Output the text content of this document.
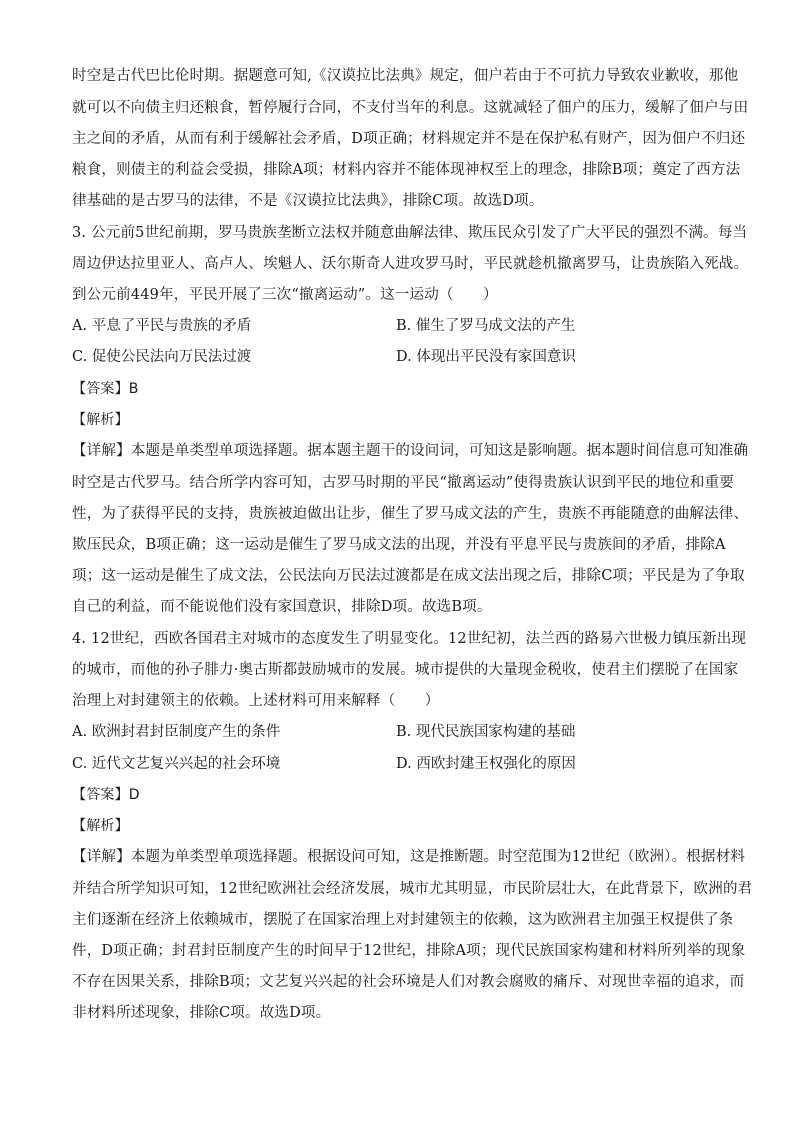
时空是古代巴比伦时期。据题意可知,《汉谟拉比法典》规定，佃户若由于不可抗力导致农业歉收，那他
就可以不向债主归还粮食，暂停履行合同，不支付当年的利息。这就减轻了佃户的压力，缓解了佃户与田
主之间的矛盾，从而有利于缓解社会矛盾，D项正确；材料规定并不是在保护私有财产，因为佃户不归还
粮食，则债主的利益会受损，排除A项；材料内容并不能体现神权至上的理念，排除B项；奠定了西方法
律基础的是古罗马的法律，不是《汉谟拉比法典》，排除C项。故选D项。
3. 公元前5世纪前期，罗马贵族垄断立法权并随意曲解法律、欺压民众引发了广大平民的强烈不满。每当
周边伊达拉里亚人、高卢人、埃魁人、沃尔斯奇人进攻罗马时，平民就趁机撤离罗马，让贵族陷入死战。
到公元前449年，平民开展了三次“撤离运动”。这一运动（　　）
A. 平息了平民与贵族的矛盾	B. 催生了罗马成文法的产生
C. 促使公民法向万民法过渡	D. 体现出平民没有家国意识
【答案】B
【解析】
【详解】本题是单类型单项选择题。据本题主题干的设问词，可知这是影响题。据本题时间信息可知准确
时空是古代罗马。结合所学内容可知，古罗马时期的平民“撤离运动”使得贵族认识到平民的地位和重要
性，为了获得平民的支持，贵族被迫做出让步，催生了罗马成文法的产生，贵族不再能随意的曲解法律、
欺压民众，B项正确；这一运动是催生了罗马成文法的出现，并没有平息平民与贵族间的矛盾，排除A
项；这一运动是催生了成文法，公民法向万民法过渡都是在成文法出现之后，排除C项；平民是为了争取
自己的利益，而不能说他们没有家国意识，排除D项。故选B项。
4. 12世纪，西欧各国君主对城市的态度发生了明显变化。12世纪初，法兰西的路易六世极力镇压新出现
的城市，而他的孙子腓力·奥古斯都鼓励城市的发展。城市提供的大量现金税收，使君主们摆脱了在国家
治理上对封建领主的依赖。上述材料可用来解释（　　）
A. 欧洲封君封臣制度产生的条件	B. 现代民族国家构建的基础
C. 近代文艺复兴兴起的社会环境	D. 西欧封建王权强化的原因
【答案】D
【解析】
【详解】本题为单类型单项选择题。根据设问可知，这是推断题。时空范围为12世纪（欧洲）。根据材料
并结合所学知识可知，12世纪欧洲社会经济发展，城市尤其明显，市民阶层壮大，在此背景下，欧洲的君
主们逐渐在经济上依赖城市，摆脱了在国家治理上对封建领主的依赖，这为欧洲君主加强王权提供了条
件，D项正确；封君封臣制度产生的时间早于12世纪，排除A项；现代民族国家构建和材料所列举的现象
不存在因果关系，排除B项；文艺复兴兴起的社会环境是人们对教会腐败的痛斥、对现世幸福的追求，而
非材料所述现象，排除C项。故选D项。
